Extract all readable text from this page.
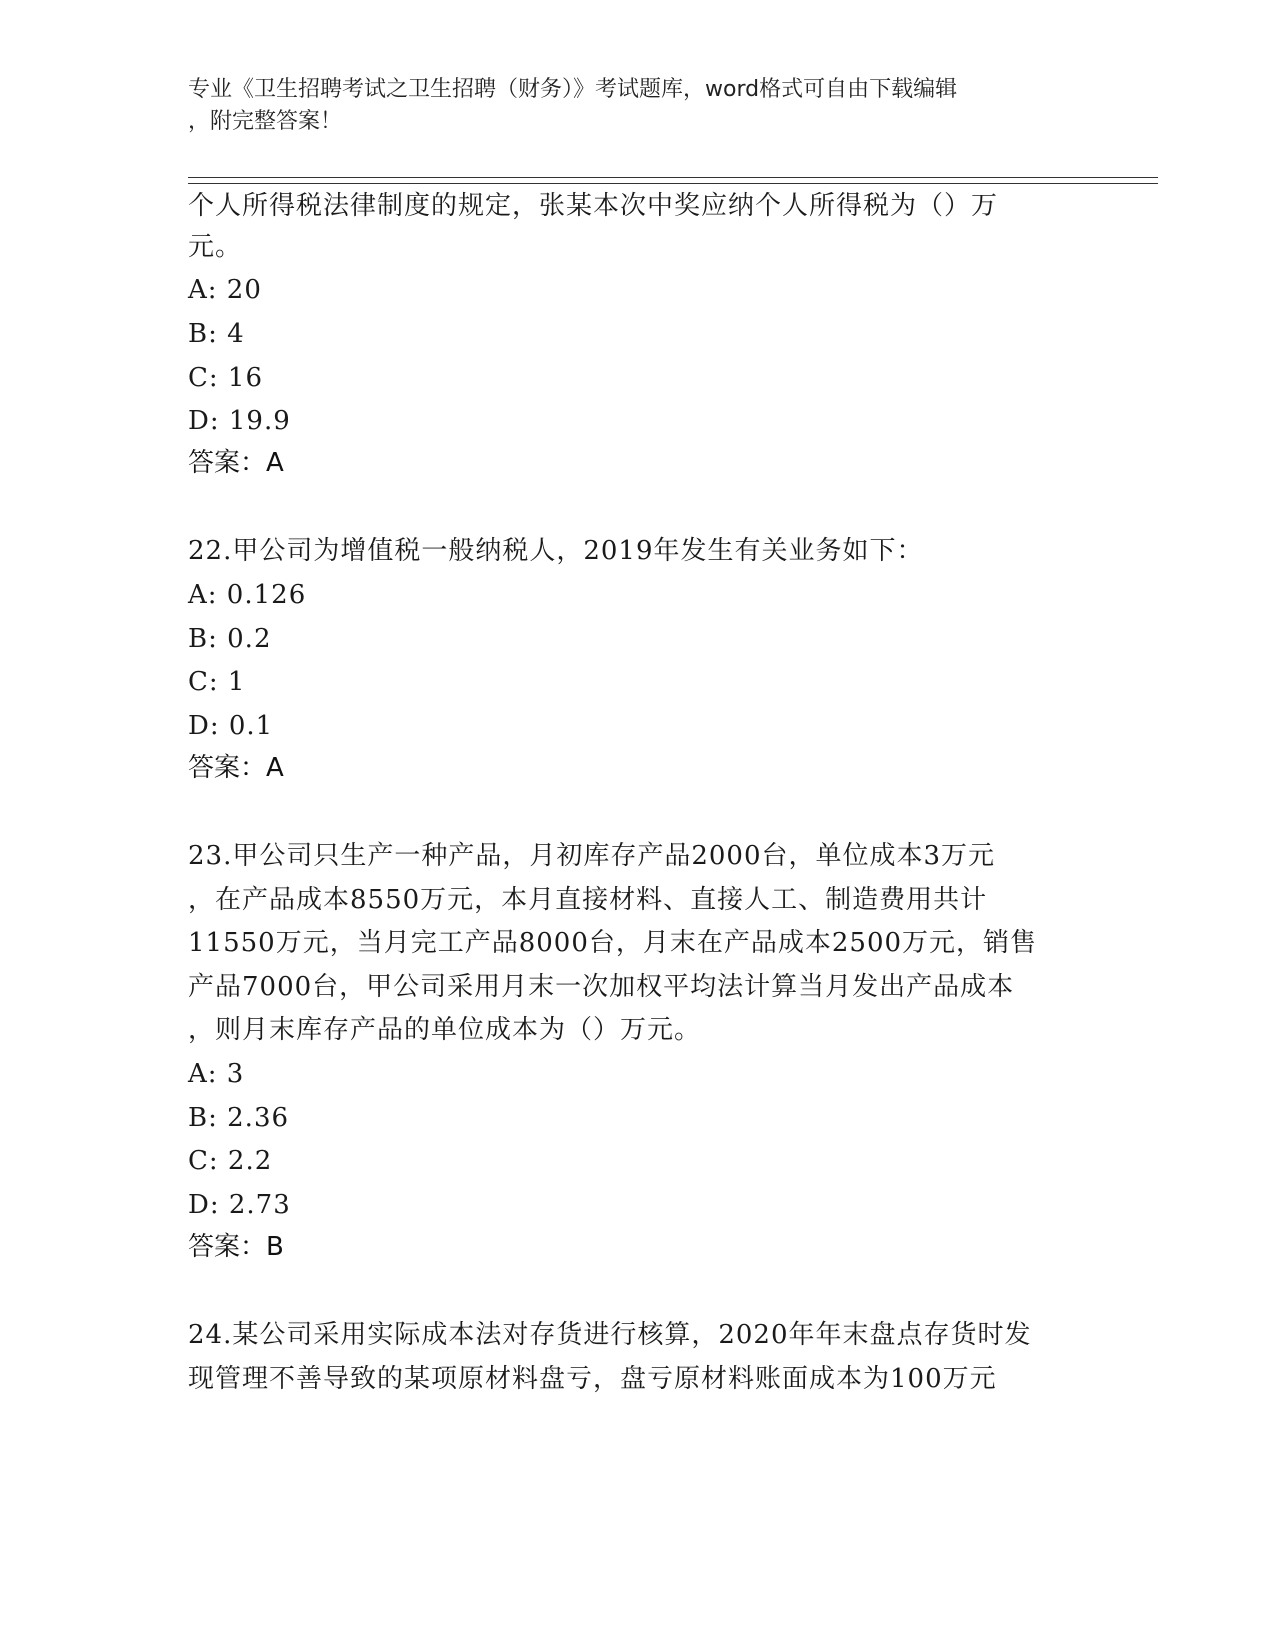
专业《卫生招聘考试之卫生招聘（财务）》考试题库，word格式可自由下载编辑
，附完整答案！
个人所得税法律制度的规定，张某本次中奖应纳个人所得税为（）万
元。
A: 20
B: 4
C: 16
D: 19.9
答案：A
22.甲公司为增值税一般纳税人，2019年发生有关业务如下：
A: 0.126
B: 0.2
C: 1
D: 0.1
答案：A
23.甲公司只生产一种产品，月初库存产品2000台，单位成本3万元
，在产品成本8550万元，本月直接材料、直接人工、制造费用共计
11550万元，当月完工产品8000台，月末在产品成本2500万元，销售
产品7000台，甲公司采用月末一次加权平均法计算当月发出产品成本
，则月末库存产品的单位成本为（）万元。
A: 3
B: 2.36
C: 2.2
D: 2.73
答案：B
24.某公司采用实际成本法对存货进行核算，2020年年末盘点存货时发
现管理不善导致的某项原材料盘亏，盘亏原材料账面成本为100万元
